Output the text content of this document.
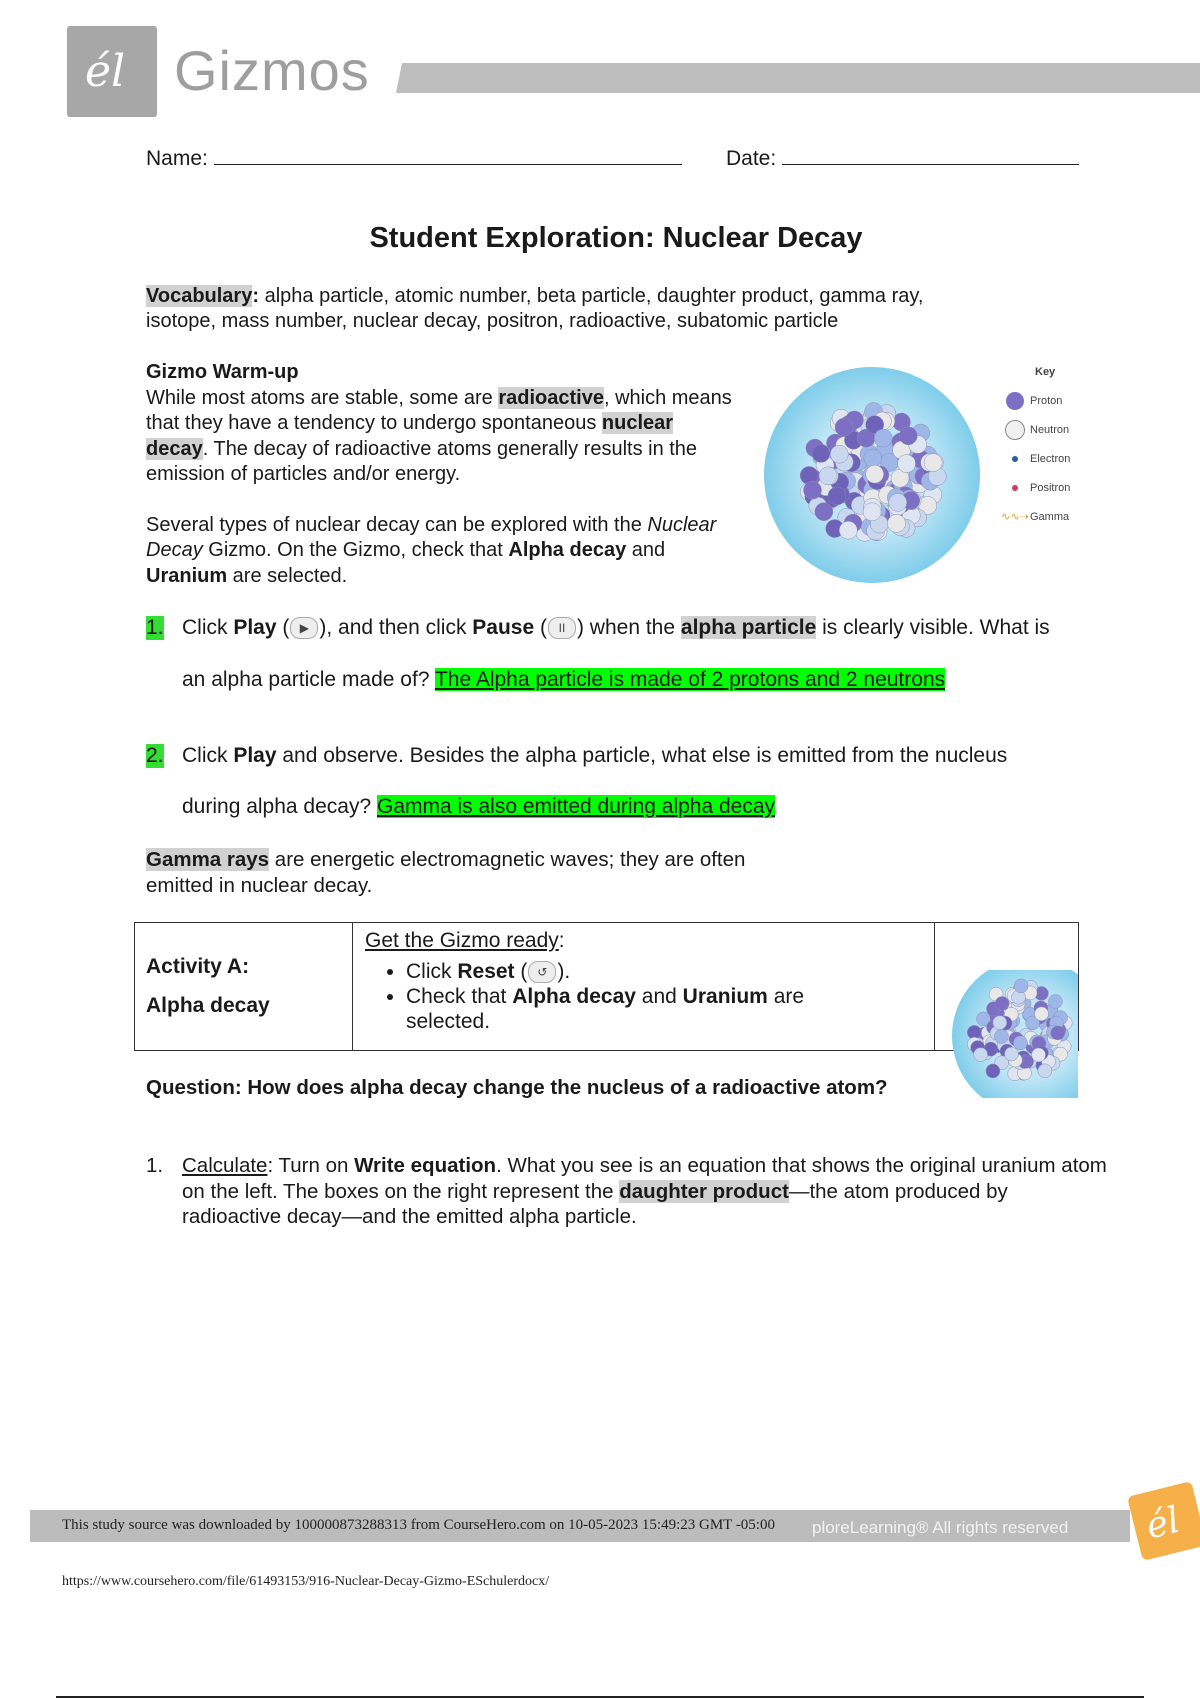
él Gizmos
Name:	Date:
Student Exploration: Nuclear Decay
Vocabulary: alpha particle, atomic number, beta particle, daughter product, gamma ray,
isotope, mass number, nuclear decay, positron, radioactive, subatomic particle

Gizmo Warm-up

While most atoms are stable, some are radioactive, which means that they have a tendency to undergo spontaneous nuclear decay. The decay of radioactive atoms generally results in the emission of particles and/or energy.

Several types of nuclear decay can be explored with the Nuclear Decay Gizmo. On the Gizmo, check that Alpha decay and Uranium are selected.

Key
Proton
Neutron
Electron
Positron
∿∿➝ Gamma
1. Click Play ( ▶ ), and then click Pause ( II ) when the alpha particle is clearly visible. What is
an alpha particle made of? The Alpha particle is made of 2 protons and 2 neutrons
2. Click Play and observe. Besides the alpha particle, what else is emitted from the nucleus
during alpha decay? Gamma is also emitted during alpha decay
Gamma rays are energetic electromagnetic waves; they are often emitted in nuclear decay.
Activity A:
Alpha decay
Get the Gizmo ready:
• Click Reset ( ↺ ).
• Check that Alpha decay and Uranium are selected.
Question: How does alpha decay change the nucleus of a radioactive atom?
1. Calculate: Turn on Write equation. What you see is an equation that shows the original uranium atom on the left. The boxes on the right represent the daughter product—the atom produced by radioactive decay—and the emitted alpha particle.
ploreLearning® All rights reserved
This study source was downloaded by 100000873288313 from CourseHero.com on 10-05-2023 15:49:23 GMT -05:00	él
https://www.coursehero.com/file/61493153/916-Nuclear-Decay-Gizmo-ESchulerdocx/
